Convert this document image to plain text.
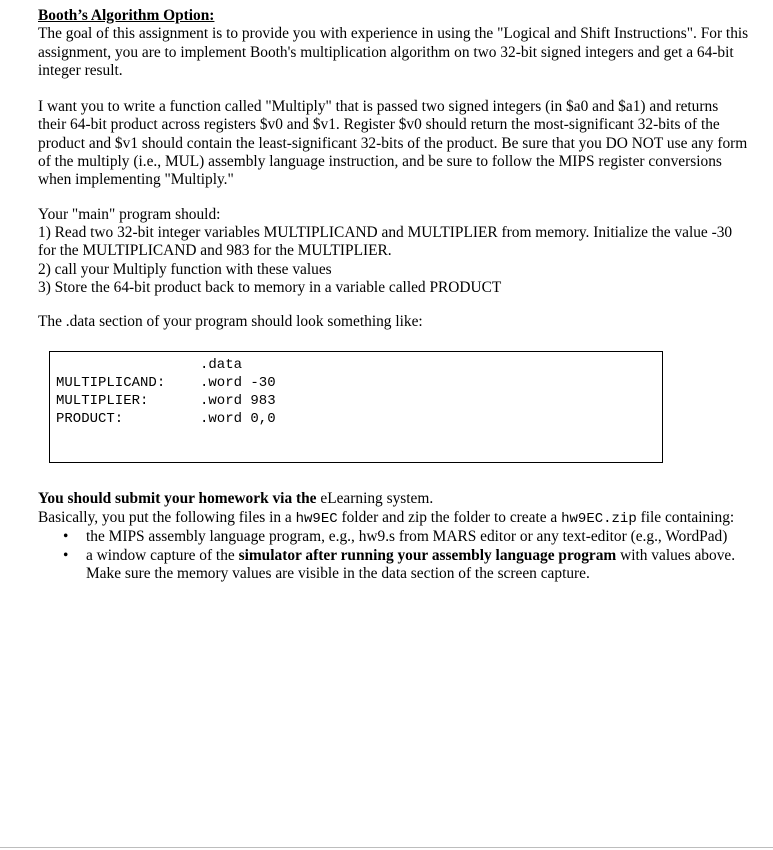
Booth’s Algorithm Option:

The goal of this assignment is to provide you with experience in using the "Logical and Shift Instructions". For this assignment, you are to implement Booth's multiplication algorithm on two 32-bit signed integers and get a 64-bit integer result.

I want you to write a function called "Multiply" that is passed two signed integers (in $a0 and $a1) and returns their 64-bit product across registers $v0 and $v1. Register $v0 should return the most-significant 32-bits of the product and $v1 should contain the least-significant 32-bits of the product. Be sure that you DO NOT use any form of the multiply (i.e., MUL) assembly language instruction, and be sure to follow the MIPS register conversions when implementing "Multiply."

Your "main" program should:

1) Read two 32-bit integer variables MULTIPLICAND and MULTIPLIER from memory. Initialize the value -30 for the MULTIPLICAND and 983 for the MULTIPLIER.

2) call your Multiply function with these values

3) Store the 64-bit product back to memory in a variable called PRODUCT

The .data section of your program should look something like:

.data
MULTIPLICAND: .word -30
MULTIPLIER:	.word 983
PRODUCT:	.word 0,0

You should submit your homework via the eLearning system.

Basically, you put the following files in a hw9EC folder and zip the folder to create a hw9EC.zip file containing:

• the MIPS assembly language program, e.g., hw9.s from MARS editor or any text-editor (e.g., WordPad)
• a window capture of the simulator after running your assembly language program with values above. Make sure the memory values are visible in the data section of the screen capture.
